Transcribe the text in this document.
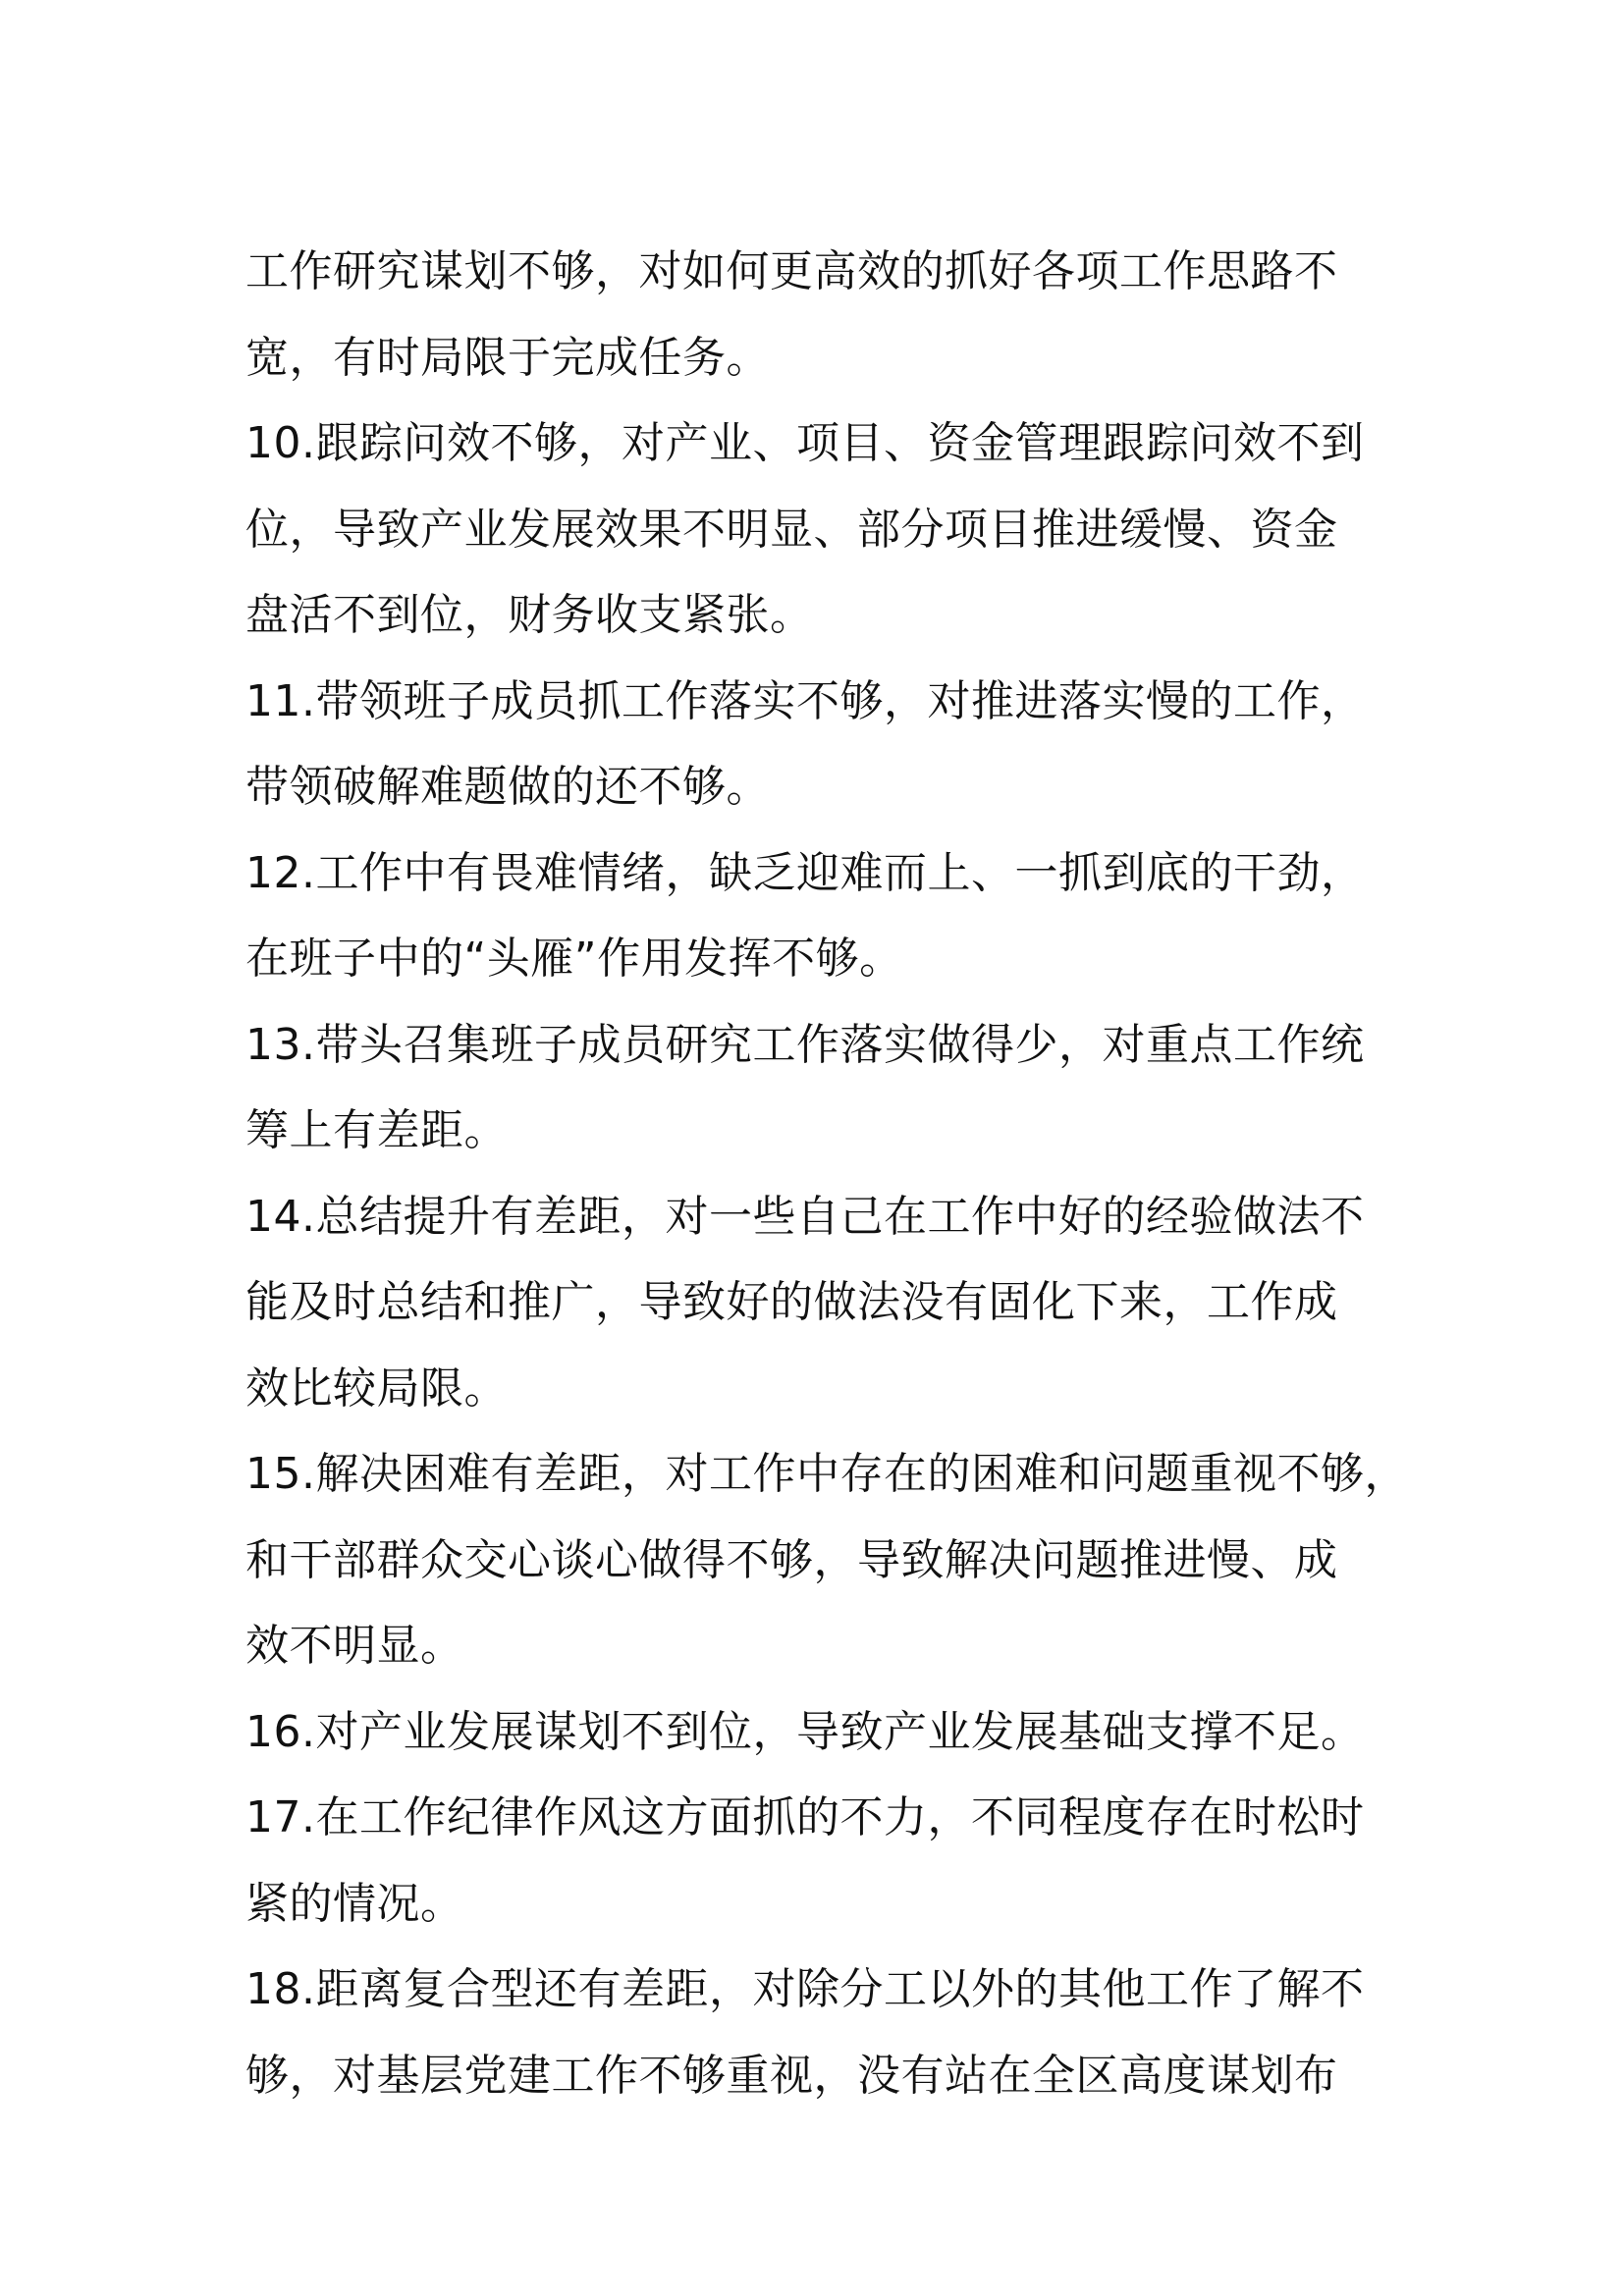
工作研究谋划不够，对如何更高效的抓好各项工作思路不
宽，有时局限于完成任务。
10.跟踪问效不够，对产业、项目、资金管理跟踪问效不到
位，导致产业发展效果不明显、部分项目推进缓慢、资金
盘活不到位，财务收支紧张。
11.带领班子成员抓工作落实不够，对推进落实慢的工作，
带领破解难题做的还不够。
12.工作中有畏难情绪，缺乏迎难而上、一抓到底的干劲，
在班子中的“头雁”作用发挥不够。
13.带头召集班子成员研究工作落实做得少，对重点工作统
筹上有差距。
14.总结提升有差距，对一些自己在工作中好的经验做法不
能及时总结和推广，导致好的做法没有固化下来，工作成
效比较局限。
15.解决困难有差距，对工作中存在的困难和问题重视不够，
和干部群众交心谈心做得不够，导致解决问题推进慢、成
效不明显。
16.对产业发展谋划不到位，导致产业发展基础支撑不足。
17.在工作纪律作风这方面抓的不力，不同程度存在时松时
紧的情况。
18.距离复合型还有差距，对除分工以外的其他工作了解不
够，对基层党建工作不够重视，没有站在全区高度谋划布
